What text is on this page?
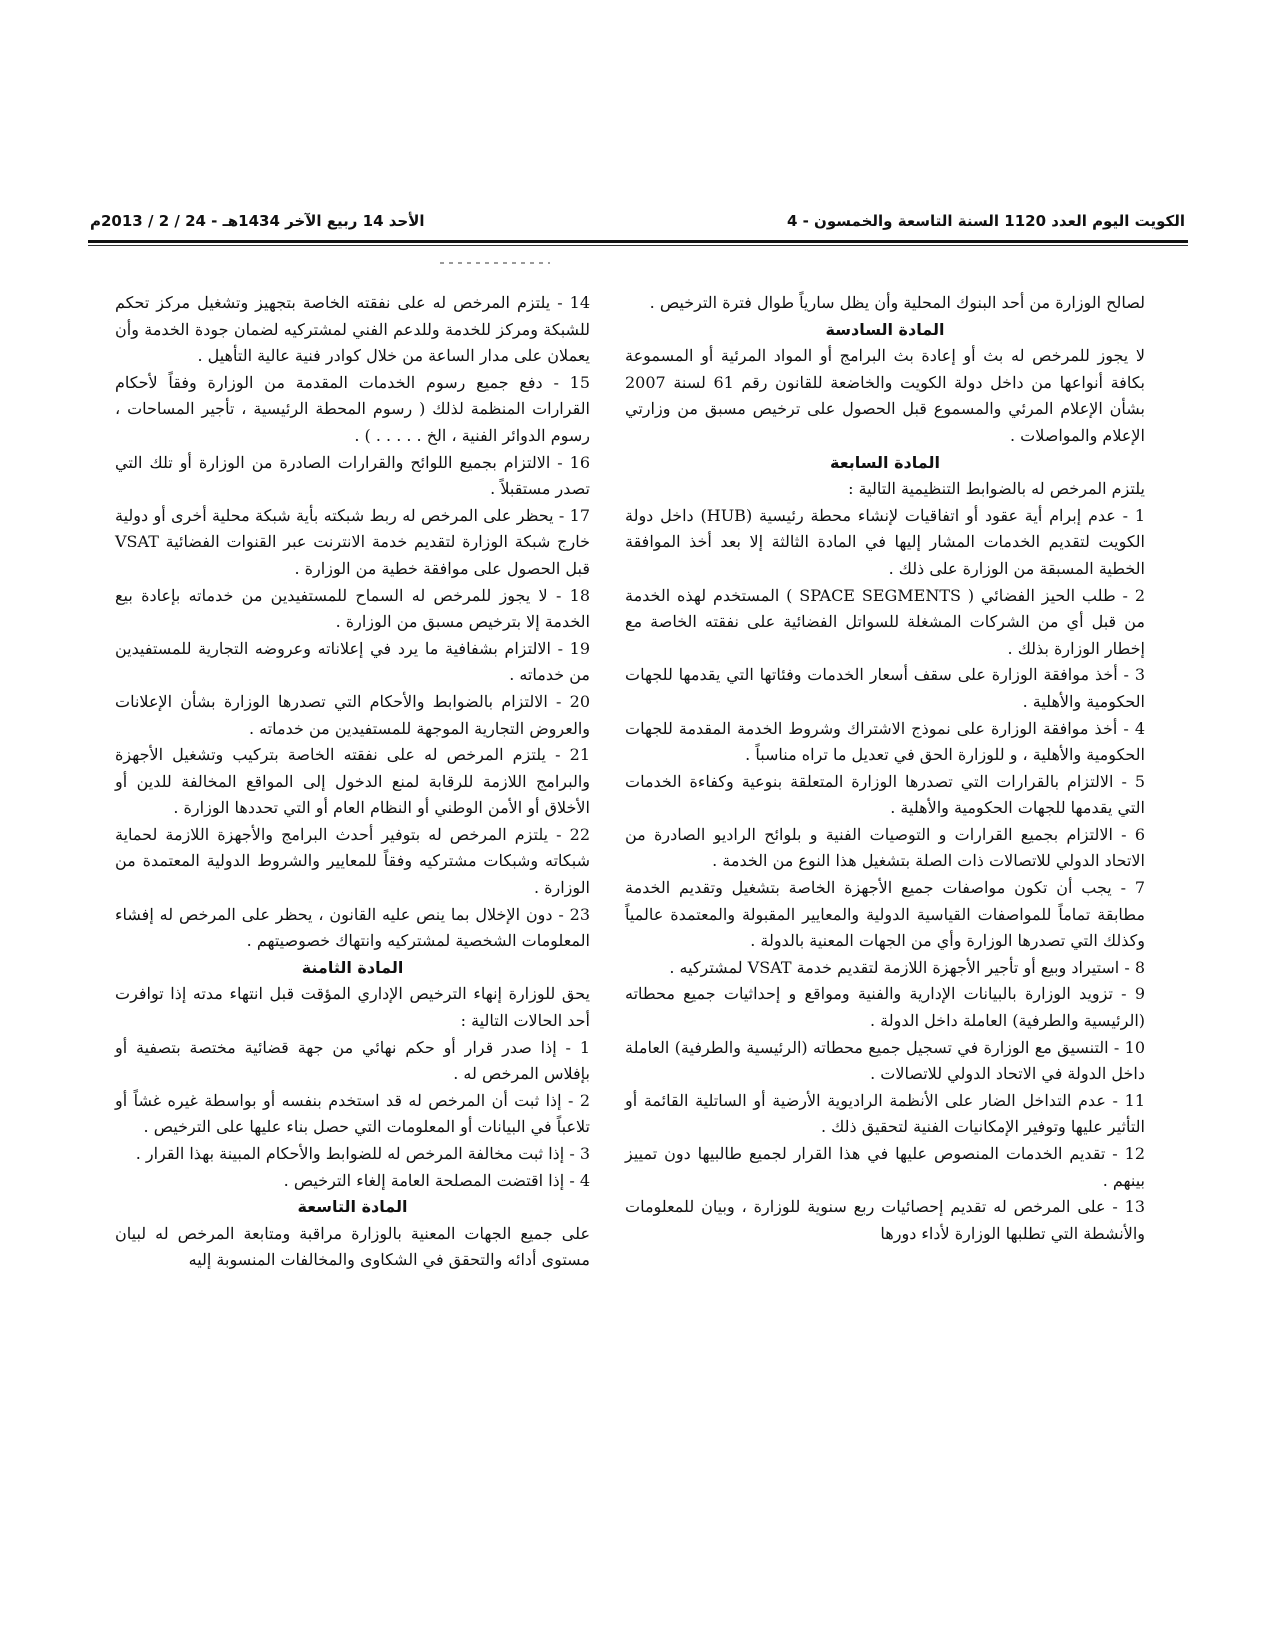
الكويت اليوم العدد 1120 السنة التاسعة والخمسون - 4
الأحد 14 ربيع الآخر 1434هـ - 24 / 2 / 2013م

لصالح الوزارة من أحد البنوك المحلية وأن يظل سارياً طوال فترة الترخيص .

المادة السادسة

لا يجوز للمرخص له بث أو إعادة بث البرامج أو المواد المرئية أو المسموعة بكافة أنواعها من داخل دولة الكويت والخاضعة للقانون رقم 61 لسنة 2007 بشأن الإعلام المرئي والمسموع قبل الحصول على ترخيص مسبق من وزارتي الإعلام والمواصلات .

المادة السابعة

يلتزم المرخص له بالضوابط التنظيمية التالية :

1 - عدم إبرام أية عقود أو اتفاقيات لإنشاء محطة رئيسية (HUB) داخل دولة الكويت لتقديم الخدمات المشار إليها في المادة الثالثة إلا بعد أخذ الموافقة الخطية المسبقة من الوزارة على ذلك .

2 - طلب الحيز الفضائي ( SPACE SEGMENTS ) المستخدم لهذه الخدمة من قبل أي من الشركات المشغلة للسواتل الفضائية على نفقته الخاصة مع إخطار الوزارة بذلك .

3 - أخذ موافقة الوزارة على سقف أسعار الخدمات وفئاتها التي يقدمها للجهات الحكومية والأهلية .

4 - أخذ موافقة الوزارة على نموذج الاشتراك وشروط الخدمة المقدمة للجهات الحكومية والأهلية ، و للوزارة الحق في تعديل ما تراه مناسباً .

5 - الالتزام بالقرارات التي تصدرها الوزارة المتعلقة بنوعية وكفاءة الخدمات التي يقدمها للجهات الحكومية والأهلية .

6 - الالتزام بجميع القرارات و التوصيات الفنية و بلوائح الراديو الصادرة من الاتحاد الدولي للاتصالات ذات الصلة بتشغيل هذا النوع من الخدمة .

7 - يجب أن تكون مواصفات جميع الأجهزة الخاصة بتشغيل وتقديم الخدمة مطابقة تماماً للمواصفات القياسية الدولية والمعايير المقبولة والمعتمدة عالمياً وكذلك التي تصدرها الوزارة وأي من الجهات المعنية بالدولة .

8 - استيراد وبيع أو تأجير الأجهزة اللازمة لتقديم خدمة VSAT لمشتركيه .

9 - تزويد الوزارة بالبيانات الإدارية والفنية ومواقع و إحداثيات جميع محطاته (الرئيسية والطرفية) العاملة داخل الدولة .

10 - التنسيق مع الوزارة في تسجيل جميع محطاته (الرئيسية والطرفية) العاملة داخل الدولة في الاتحاد الدولي للاتصالات .

11 - عدم التداخل الضار على الأنظمة الراديوية الأرضية أو الساتلية القائمة أو التأثير عليها وتوفير الإمكانيات الفنية لتحقيق ذلك .

12 - تقديم الخدمات المنصوص عليها في هذا القرار لجميع طالبيها دون تمييز بينهم .

13 - على المرخص له تقديم إحصائيات ربع سنوية للوزارة ، وبيان للمعلومات والأنشطة التي تطلبها الوزارة لأداء دورها

14 - يلتزم المرخص له على نفقته الخاصة بتجهيز وتشغيل مركز تحكم للشبكة ومركز للخدمة وللدعم الفني لمشتركيه لضمان جودة الخدمة وأن يعملان على مدار الساعة من خلال كوادر فنية عالية التأهيل .

15 - دفع جميع رسوم الخدمات المقدمة من الوزارة وفقاً لأحكام القرارات المنظمة لذلك ( رسوم المحطة الرئيسية ، تأجير المساحات ، رسوم الدوائر الفنية ، الخ . . . . . ) .

16 - الالتزام بجميع اللوائح والقرارات الصادرة من الوزارة أو تلك التي تصدر مستقبلاً .

17 - يحظر على المرخص له ربط شبكته بأية شبكة محلية أخرى أو دولية خارج شبكة الوزارة لتقديم خدمة الانترنت عبر القنوات الفضائية VSAT قبل الحصول على موافقة خطية من الوزارة .

18 - لا يجوز للمرخص له السماح للمستفيدين من خدماته بإعادة بيع الخدمة إلا بترخيص مسبق من الوزارة .

19 - الالتزام بشفافية ما يرد في إعلاناته وعروضه التجارية للمستفيدين من خدماته .

20 - الالتزام بالضوابط والأحكام التي تصدرها الوزارة بشأن الإعلانات والعروض التجارية الموجهة للمستفيدين من خدماته .

21 - يلتزم المرخص له على نفقته الخاصة بتركيب وتشغيل الأجهزة والبرامج اللازمة للرقابة لمنع الدخول إلى المواقع المخالفة للدين أو الأخلاق أو الأمن الوطني أو النظام العام أو التي تحددها الوزارة .

22 - يلتزم المرخص له بتوفير أحدث البرامج والأجهزة اللازمة لحماية شبكاته وشبكات مشتركيه وفقاً للمعايير والشروط الدولية المعتمدة من الوزارة .

23 - دون الإخلال بما ينص عليه القانون ، يحظر على المرخص له إفشاء المعلومات الشخصية لمشتركيه وانتهاك خصوصيتهم .

المادة الثامنة

يحق للوزارة إنهاء الترخيص الإداري المؤقت قبل انتهاء مدته إذا توافرت أحد الحالات التالية :

1 - إذا صدر قرار أو حكم نهائي من جهة قضائية مختصة بتصفية أو بإفلاس المرخص له .

2 - إذا ثبت أن المرخص له قد استخدم بنفسه أو بواسطة غيره غشاً أو تلاعباً في البيانات أو المعلومات التي حصل بناء عليها على الترخيص .

3 - إذا ثبت مخالفة المرخص له للضوابط والأحكام المبينة بهذا القرار .

4 - إذا اقتضت المصلحة العامة إلغاء الترخيص .

المادة التاسعة

على جميع الجهات المعنية بالوزارة مراقبة ومتابعة المرخص له لبيان مستوى أدائه والتحقق في الشكاوى والمخالفات المنسوبة إليه
